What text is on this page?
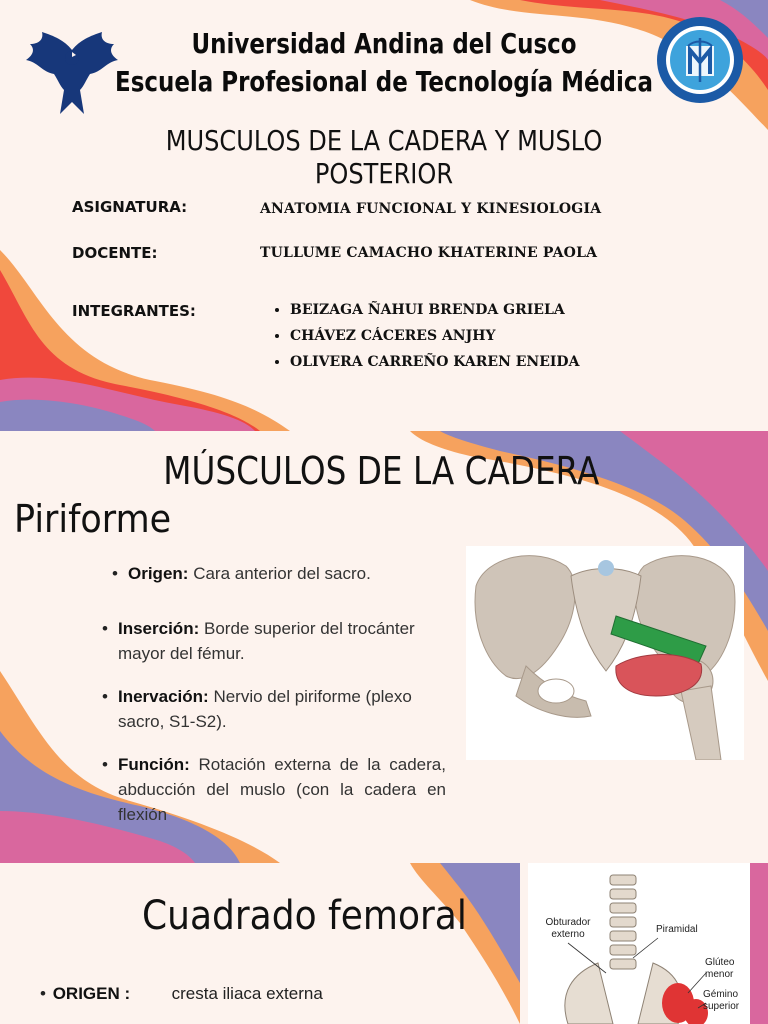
Universidad Andina del Cusco
Escuela Profesional de Tecnología Médica
MUSCULOS DE LA CADERA Y MUSLO
POSTERIOR
ASIGNATURA:	ANATOMIA FUNCIONAL Y KINESIOLOGIA
DOCENTE:	TULLUME CAMACHO KHATERINE PAOLA
INTEGRANTES:
•	BEIZAGA ÑAHUI BRENDA GRIELA
• CHÁVEZ CÁCERES ANJHY
• OLIVERA CARREÑO KAREN ENEIDA
MÚSCULOS DE LA CADERA
Piriforme
• Origen: Cara anterior del sacro.
• Inserción: Borde superior del trocánter mayor del fémur.
• Inervación: Nervio del piriforme (plexo sacro, S1-S2).
• Función: Rotación externa de la cadera, abducción del muslo (con la cadera en flexión
Cuadrado femoral
• ORIGEN : cresta iliaca externa
Obturador externo	Piramidal
Glúteo menor
Gémino superior
